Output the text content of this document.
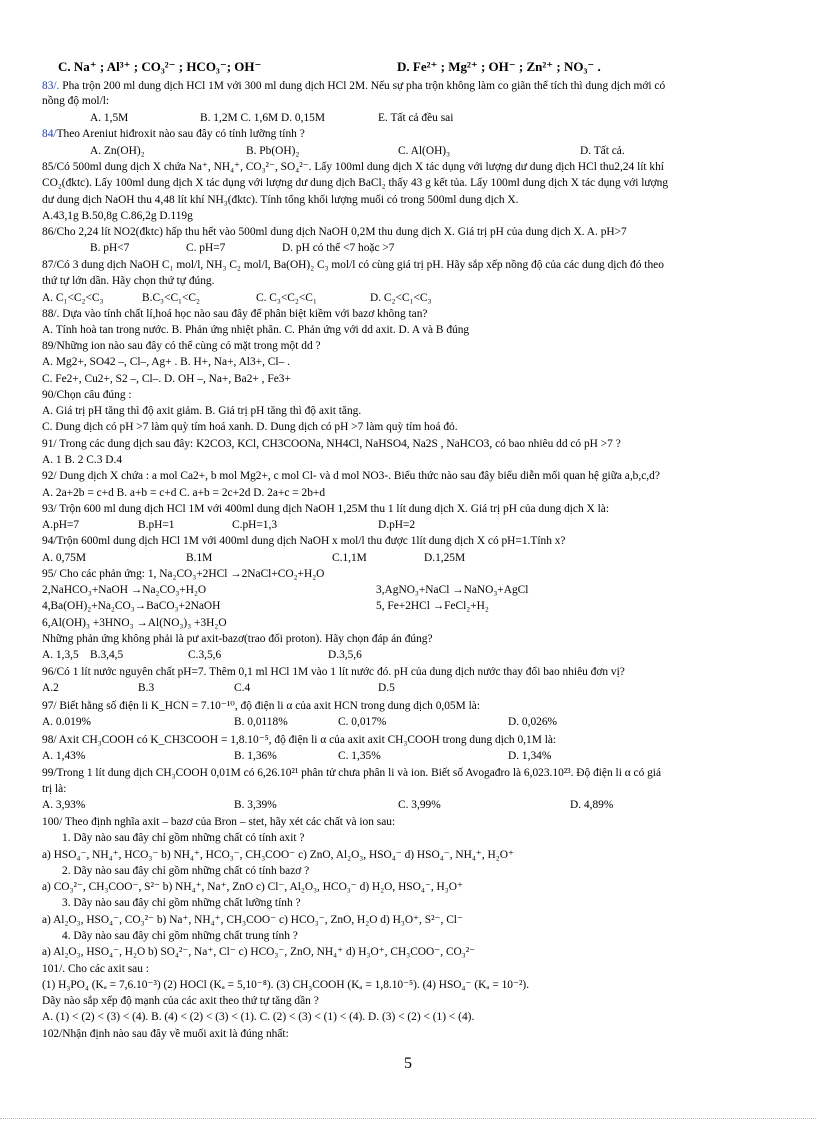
C. Na⁺ ; Al³⁺ ; CO₃²⁻ ; HCO₃⁻; OH⁻	D. Fe²⁺ ; Mg²⁺ ; OH⁻ ; Zn²⁺ ; NO₃⁻ .
83/. Pha trộn 200 ml dung dịch HCl 1M với 300 ml dung dịch HCl 2M. Nếu sự pha trộn không làm co giãn thể tích thì dung dịch mới có
nồng độ mol/l:
A. 1,5M	B. 1,2M C. 1,6M D. 0,15M	E. Tất cả đều sai
84/Theo Areniut hiđroxit nào sau đây có tính lưỡng tính ?
A. Zn(OH)₂	B. Pb(OH)₂	C. Al(OH)₃	D. Tất cả.
85/Có 500ml dung dịch X chứa Na⁺, NH₄⁺, CO₃²⁻, SO₄²⁻. Lấy 100ml dung dịch X tác dụng với lượng dư dung dịch HCl thu2,24 lít khí
CO₂(đktc). Lấy 100ml dung dịch X tác dụng với lượng dư dung dịch BaCl₂ thấy 43 g kết tủa. Lấy 100ml dung dịch X tác dụng với lượng
dư dung dịch NaOH thu 4,48 lít khí NH₃(đktc). Tính tổng khối lượng muối có trong 500ml dung dịch X.
A.43,1g B.50,8g C.86,2g D.119g
86/Cho 2,24 lít NO2(đktc) hấp thu hết vào 500ml dung dịch NaOH 0,2M thu dung dịch X. Giá trị pH của dung dịch X. A. pH>7
B. pH<7	C. pH=7	D. pH có thể <7 hoặc >7
87/Có 3 dung dịch NaOH C₁ mol/l, NH₃ C₂ mol/l, Ba(OH)₂ C₃ mol/l có cùng giá trị pH. Hãy sắp xếp nồng độ của các dung dịch đó theo
thứ tự lớn dần. Hãy chọn thứ tự đúng.
A. C₁<C₂<C₃	B.C₃<C₁<C₂	C. C₃<C₂<C₁	D. C₂<C₁<C₃
88/. Dựa vào tính chất lí,hoá học nào sau đây để phân biệt kiềm với bazơ không tan?
A. Tính hoà tan trong nước. B. Phản ứng nhiệt phân. C. Phản ứng với dd axit. D. A và B đúng
89/Những ion nào sau đây có thể cùng có mặt trong một dd ?
A. Mg2+, SO42 –, Cl–, Ag+ . B. H+, Na+, Al3+, Cl– .
C. Fe2+, Cu2+, S2 –, Cl–. D. OH –, Na+, Ba2+ , Fe3+
90/Chọn câu đúng :
A. Giá trị pH tăng thì độ axit giảm. B. Giá trị pH tăng thì độ axit tăng.
C. Dung dịch có pH >7 làm quỳ tím hoá xanh. D. Dung dịch có pH >7 làm quỳ tím hoá đỏ.
91/ Trong các dung dịch sau đây: K2CO3, KCl, CH3COONa, NH4Cl, NaHSO4, Na2S , NaHCO3, có bao nhiêu dd có pH >7 ?
A. 1 B. 2 C.3 D.4
92/ Dung dịch X chứa : a mol Ca2+, b mol Mg2+, c mol Cl- và d mol NO3-. Biểu thức nào sau đây biểu diễn mối quan hệ giữa a,b,c,d?
A. 2a+2b = c+d B. a+b = c+d C. a+b = 2c+2d D. 2a+c = 2b+d
93/ Trộn 600 ml dung dịch HCl 1M với 400ml dung dịch NaOH 1,25M thu 1 lít dung dịch X. Giá trị pH của dung dịch X là:
A.pH=7	B.pH=1	C.pH=1,3	D.pH=2
94/Trộn 600ml dung dịch HCl 1M với 400ml dung dịch NaOH x mol/l thu được 1lít dung dịch X có pH=1.Tính x?
A. 0,75M	B.1M	C.1,1M	D.1,25M
95/ Cho các phản ứng: 1, Na₂CO₃+2HCl →2NaCl+CO₂+H₂O
2,NaHCO₃+NaOH →Na₂CO₃+H₂O	3,AgNO₃+NaCl →NaNO₃+AgCl
4,Ba(OH)₂+Na₂CO₃→BaCO₃+2NaOH	5, Fe+2HCl →FeCl₂+H₂
6,Al(OH)₃ +3HNO₃ →Al(NO₃)₃ +3H₂O
Những phản ứng không phải là pư axit-bazơ(trao đổi proton). Hãy chọn đáp án đúng?
A. 1,3,5 B.3,4,5	C.3,5,6	D.3,5,6
96/Có 1 lít nước nguyên chất pH=7. Thêm 0,1 ml HCl 1M vào 1 lít nước đó. pH của dung dịch nước thay đổi bao nhiêu đơn vị?
A.2	B.3	C.4	D.5
97/ Biết hằng số điện li K_HCN = 7.10⁻¹⁰, độ điện li α của axit HCN trong dung dịch 0,05M là:
A. 0.019%	B. 0,0118%	C. 0,017%	D. 0,026%
98/ Axit CH₃COOH có K_CH3COOH = 1,8.10⁻⁵, độ điện li α của axit axit CH₃COOH trong dung dịch 0,1M là:
A. 1,43%	B. 1,36%	C. 1,35%	D. 1,34%
99/Trong 1 lít dung dịch CH₃COOH 0,01M có 6,26.10²¹ phân tử chưa phân li và ion. Biết số Avogađro là 6,023.10²³. Độ điện li α có giá
trị là:
A. 3,93%	B. 3,39%	C. 3,99%	D. 4,89%
100/ Theo định nghĩa axit – bazơ của Bron – stet, hãy xét các chất và ion sau:
1. Dãy nào sau đây chỉ gồm những chất có tính axit ?
a) HSO₄⁻, NH₄⁺, HCO₃⁻ b) NH₄⁺, HCO₃⁻, CH₃COO⁻ c) ZnO, Al₂O₃, HSO₄⁻ d) HSO₄⁻, NH₄⁺, H₂O⁺
2. Dãy nào sau đây chỉ gồm những chất có tính bazơ ?
a) CO₃²⁻, CH₃COO⁻, S²⁻ b) NH₄⁺, Na⁺, ZnO c) Cl⁻, Al₂O₃, HCO₃⁻ d) H₂O, HSO₄⁻, H₃O⁺
3. Dãy nào sau đây chỉ gồm những chất lưỡng tính ?
a) Al₂O₃, HSO₄⁻, CO₃²⁻ b) Na⁺, NH₄⁺, CH₃COO⁻ c) HCO₃⁻, ZnO, H₂O d) H₃O⁺, S²⁻, Cl⁻
4. Dãy nào sau đây chỉ gồm những chất trung tính ?
a) Al₂O₃, HSO₄⁻, H₂O b) SO₄²⁻, Na⁺, Cl⁻ c) HCO₃⁻, ZnO, NH₄⁺ d) H₃O⁺, CH₃COO⁻, CO₃²⁻
101/. Cho các axit sau :
(1) H₃PO₄ (Kₐ = 7,6.10⁻³) (2) HOCl (Kₐ = 5,10⁻⁸). (3) CH₃COOH (Kₐ = 1,8.10⁻⁵). (4) HSO₄⁻ (Kₐ = 10⁻²).
Dãy nào sắp xếp độ mạnh của các axit theo thứ tự tăng dần ?
A. (1) < (2) < (3) < (4). B. (4) < (2) < (3) < (1). C. (2) < (3) < (1) < (4). D. (3) < (2) < (1) < (4).
102/Nhận định nào sau đây về muối axit là đúng nhất:
5
